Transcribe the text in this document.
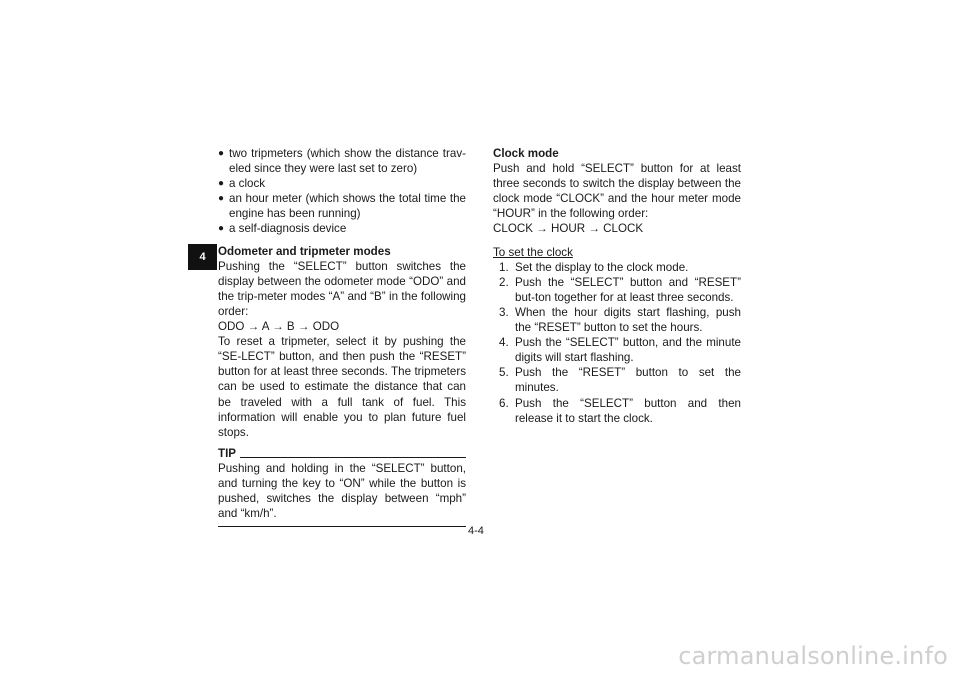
4
● two tripmeters (which show the distance trav-eled since they were last set to zero)
● a clock
● an hour meter (which shows the total time the engine has been running)
● a self-diagnosis device
Odometer and tripmeter modes

Pushing the “SELECT” button switches the display between the odometer mode “ODO” and the trip-meter modes “A” and “B” in the following order:

ODO → A → B → ODO

To reset a tripmeter, select it by pushing the “SE-LECT” button, and then push the “RESET” button for at least three seconds. The tripmeters can be used to estimate the distance that can be traveled with a full tank of fuel. This information will enable you to plan future fuel stops.

TIP

Pushing and holding in the “SELECT” button, and turning the key to “ON” while the button is pushed, switches the display between “mph” and “km/h”.

Clock mode

Push and hold “SELECT” button for at least three seconds to switch the display between the clock mode “CLOCK” and the hour meter mode “HOUR” in the following order:

CLOCK → HOUR → CLOCK

To set the clock
1. Set the display to the clock mode.
2. Push the “SELECT” button and “RESET” but-ton together for at least three seconds.
3. When the hour digits start flashing, push the “RESET” button to set the hours.
4. Push the “SELECT” button, and the minute digits will start flashing.
5. Push the “RESET” button to set the minutes.
6. Push the “SELECT” button and then release it to start the clock.
4-4
carmanualsonline.info
